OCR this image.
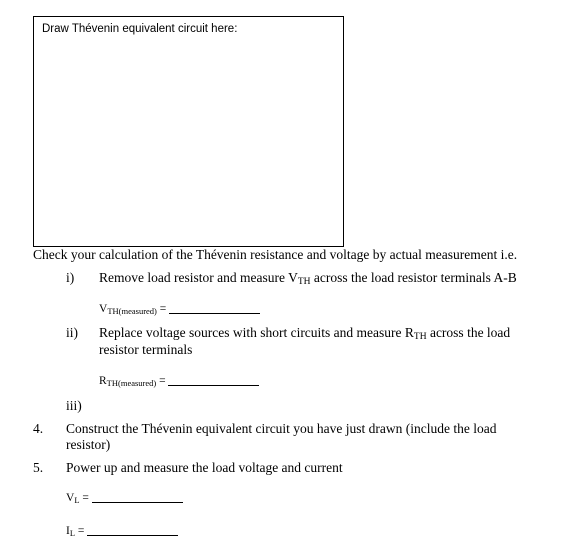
Draw Thévenin equivalent circuit here:
Check your calculation of the Thévenin resistance and voltage by actual measurement i.e.
i) Remove load resistor and measure VTH across the load resistor terminals A-B
VTH(measured) =
ii) Replace voltage sources with short circuits and measure RTH across the load
resistor terminals
RTH(measured) =
iii)
4. Construct the Thévenin equivalent circuit you have just drawn (include the load
resistor)
5. Power up and measure the load voltage and current
VL =
IL =
